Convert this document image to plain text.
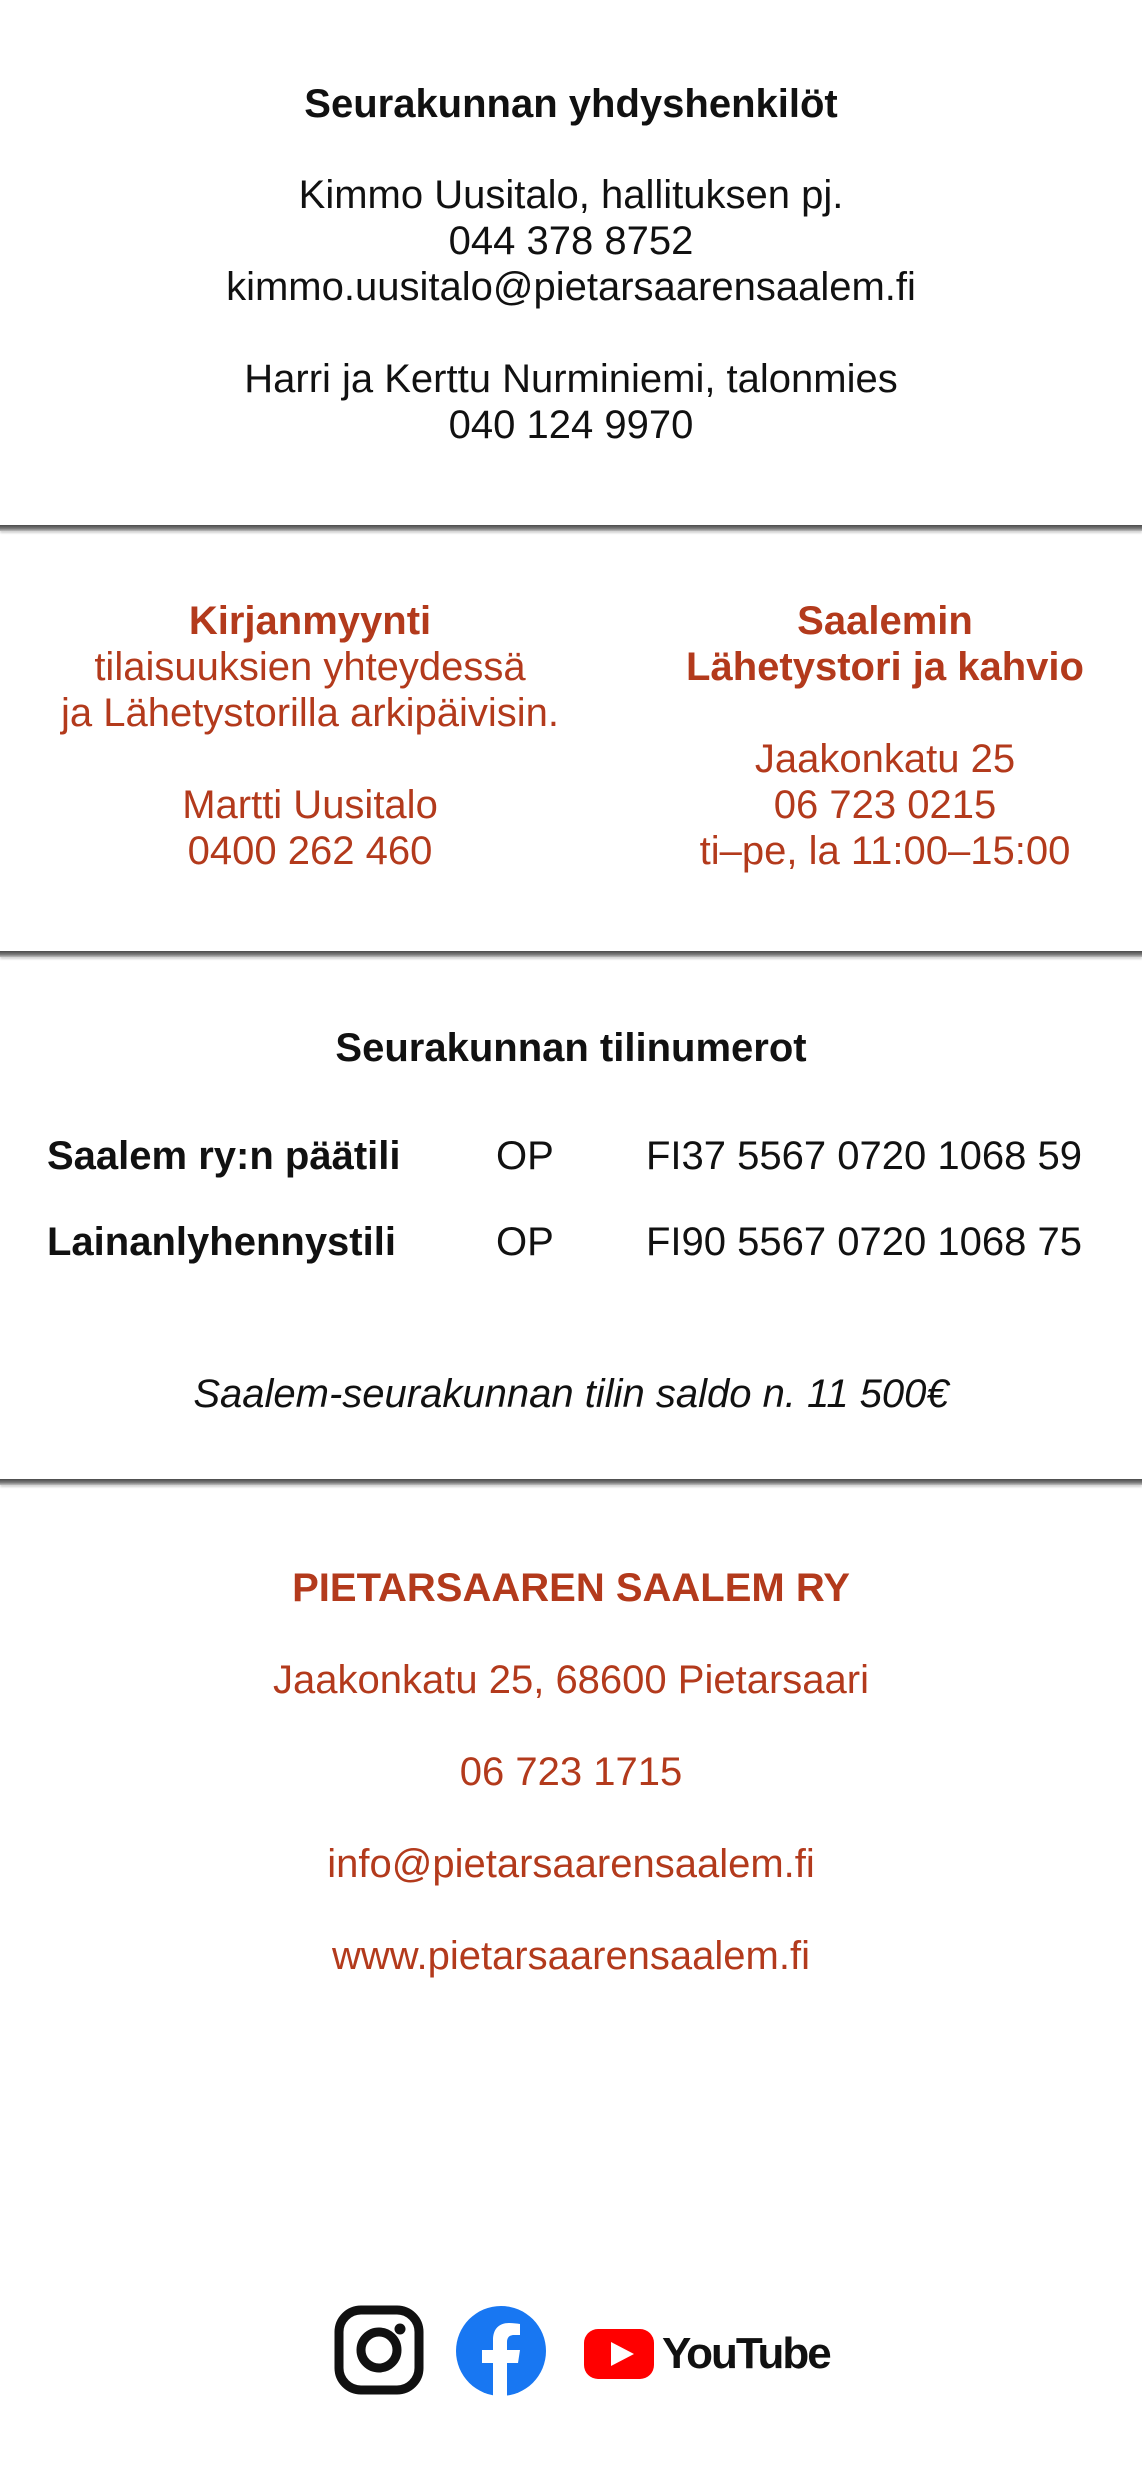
Seurakunnan yhdyshenkilöt

Kimmo Uusitalo, hallituksen pj.

044 378 8752

kimmo.uusitalo@pietarsaarensaalem.fi

Harri ja Kerttu Nurminiemi, talonmies

040 124 9970

Kirjanmyynti

tilaisuuksien yhteydessä

ja Lähetystorilla arkipäivisin.

Martti Uusitalo

0400 262 460

Saalemin

Lähetystori ja kahvio

Jaakonkatu 25

06 723 0215

ti–pe, la 11:00–15:00

Seurakunnan tilinumerot
Saalem ry:n päätili OP FI37 5567 0720 1068 59
Lainanlyhennystili	OP FI90 5567 0720 1068 75
Saalem-seurakunnan tilin saldo n. 11 500€
PIETARSAAREN SAALEM RY
Jaakonkatu 25, 68600 Pietarsaari
06 723 1715
info@pietarsaarensaalem.fi
www.pietarsaarensaalem.fi
YouTube
